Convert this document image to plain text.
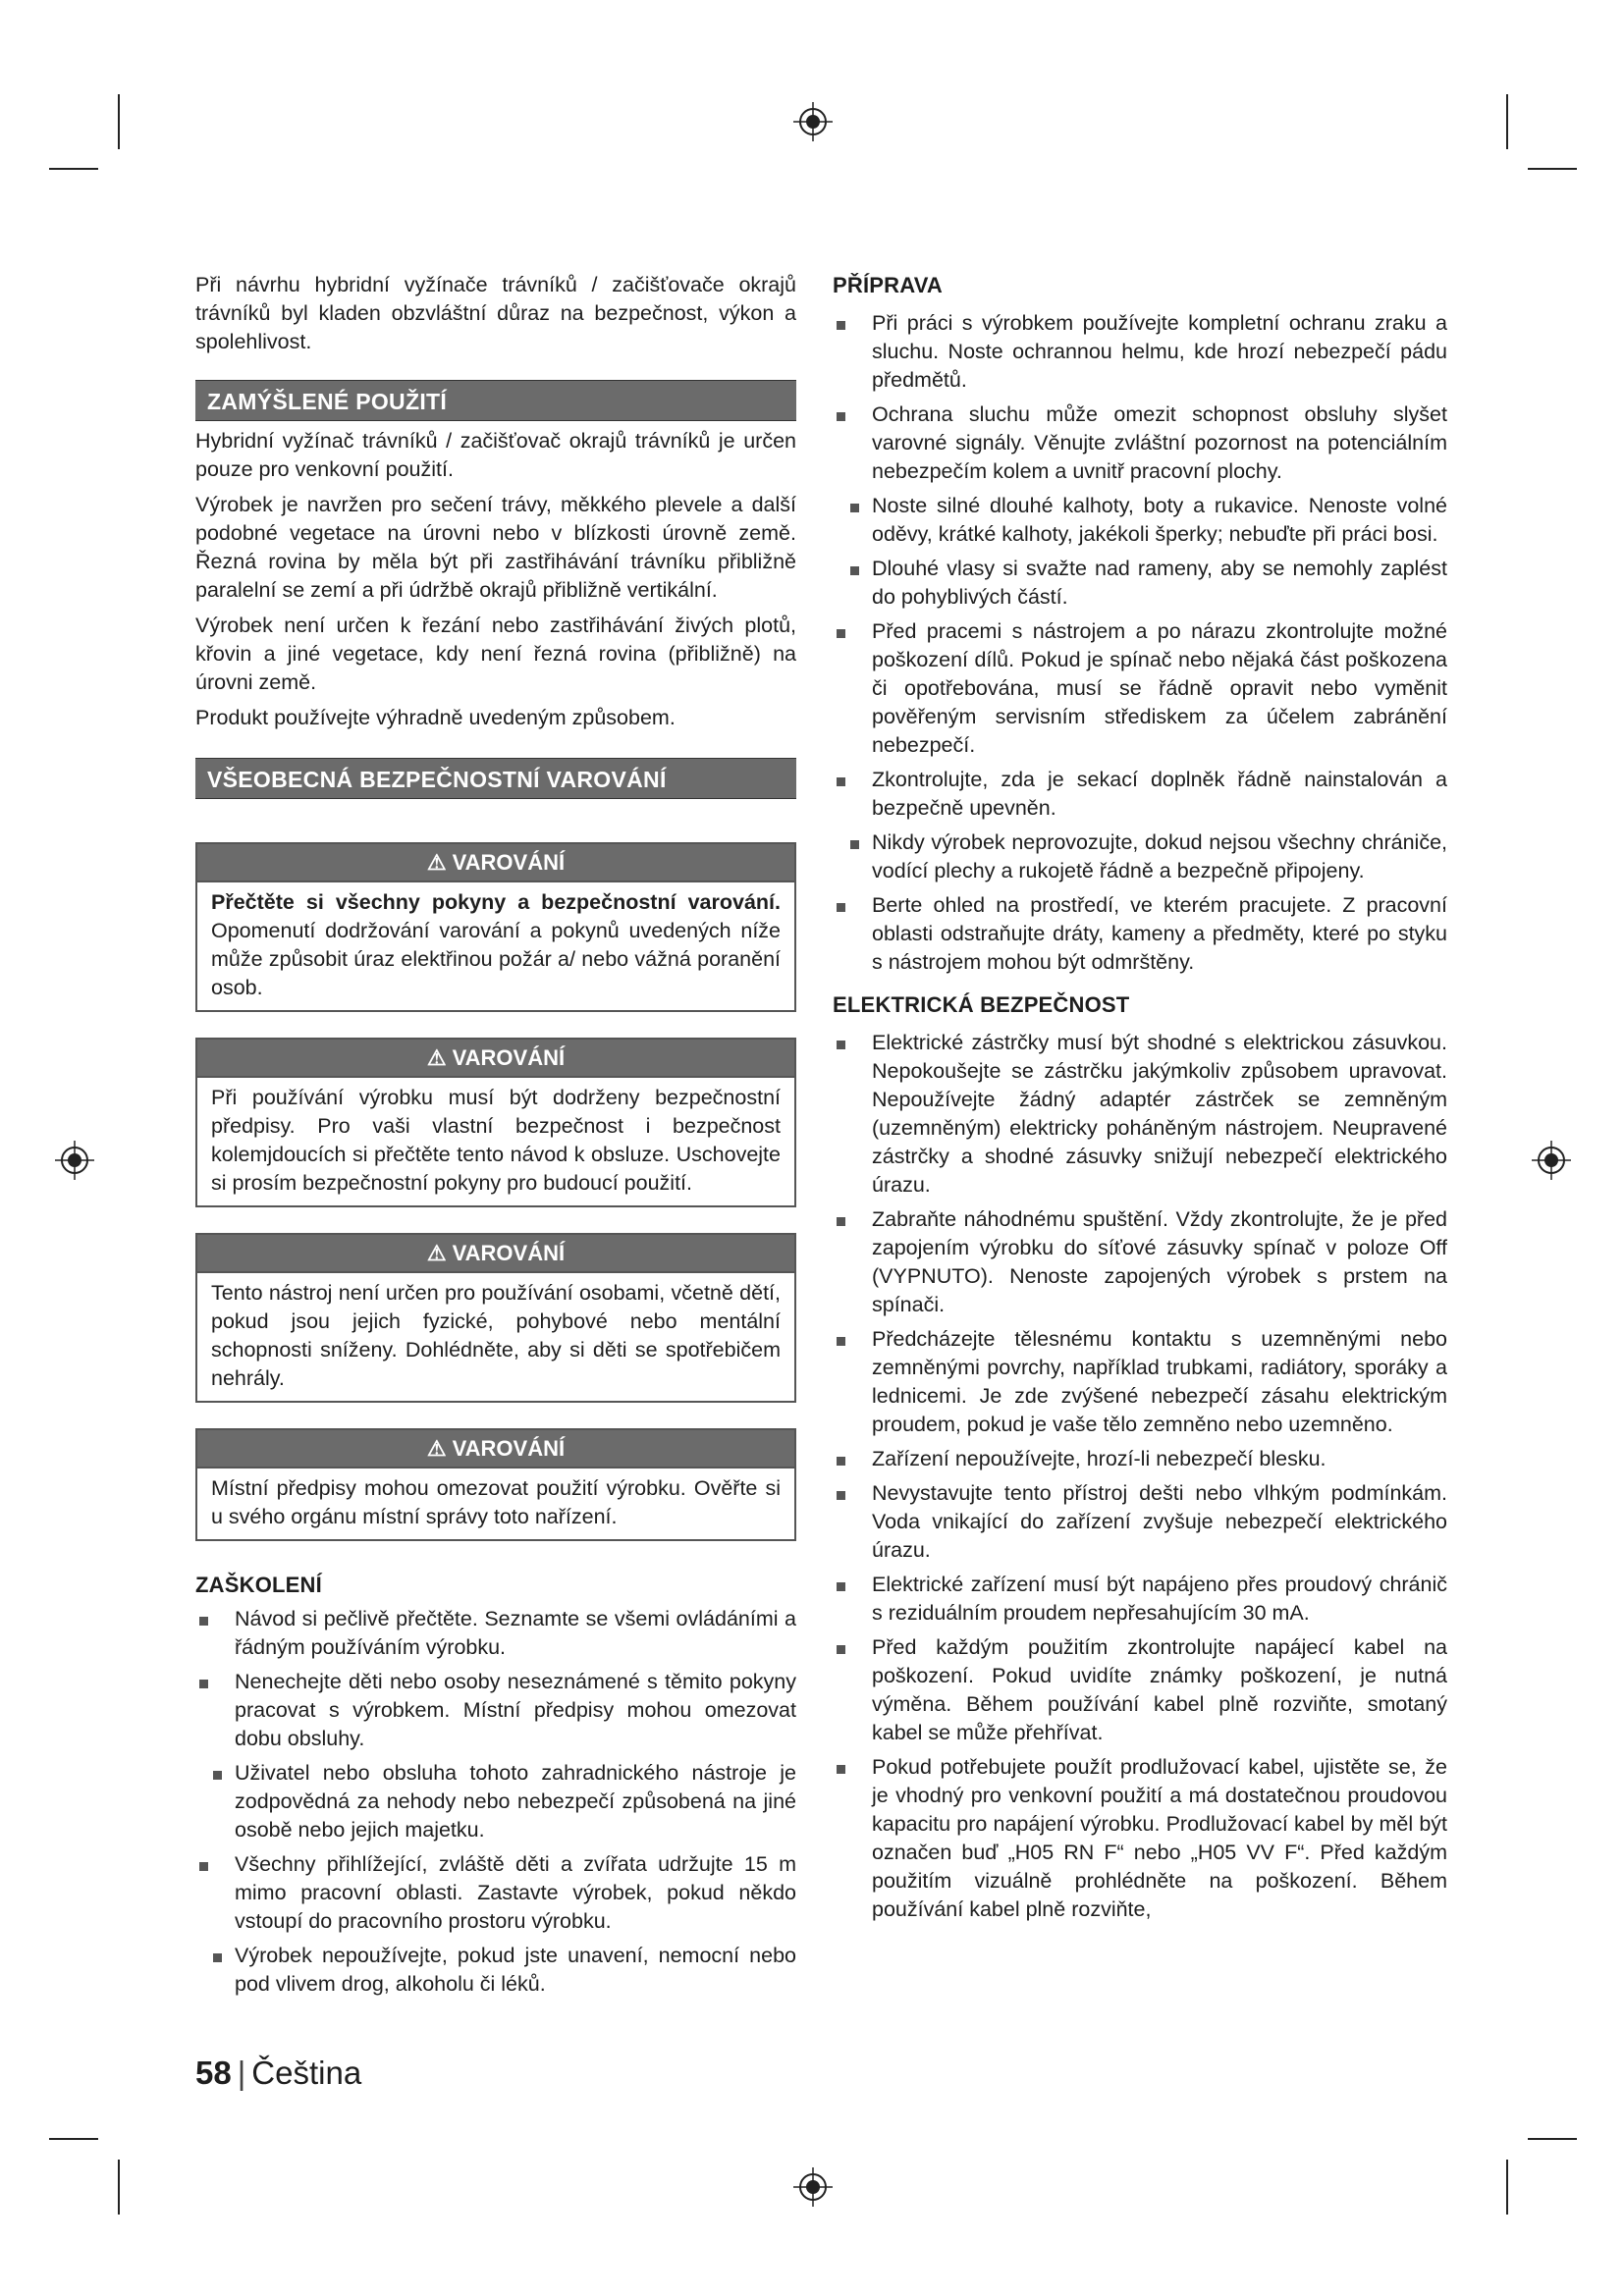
Při návrhu hybridní vyžínače trávníků / začišťovače okrajů trávníků byl kladen obzvláštní důraz na bezpečnost, výkon a spolehlivost.

ZAMÝŠLENÉ POUŽITÍ

Hybridní vyžínač trávníků / začišťovač okrajů trávníků je určen pouze pro venkovní použití.

Výrobek je navržen pro sečení trávy, měkkého plevele a další podobné vegetace na úrovni nebo v blízkosti úrovně země. Řezná rovina by měla být při zastřihávání trávníku přibližně paralelní se zemí a při údržbě okrajů přibližně vertikální.

Výrobek není určen k řezání nebo zastřihávání živých plotů, křovin a jiné vegetace, kdy není řezná rovina (přibližně) na úrovni země.

Produkt používejte výhradně uvedeným způsobem.

VŠEOBECNÁ BEZPEČNOSTNÍ VAROVÁNÍ
⚠ VAROVÁNÍ
Přečtěte si všechny pokyny a bezpečnostní varování. Opomenutí dodržování varování a pokynů uvedených níže může způsobit úraz elektřinou požár a/ nebo vážná poranění osob.
⚠ VAROVÁNÍ
Při používání výrobku musí být dodrženy bezpečnostní předpisy. Pro vaši vlastní bezpečnost i bezpečnost kolemjdoucích si přečtěte tento návod k obsluze. Uschovejte si prosím bezpečnostní pokyny pro budoucí použití.
⚠ VAROVÁNÍ
Tento nástroj není určen pro používání osobami, včetně dětí, pokud jsou jejich fyzické, pohybové nebo mentální schopnosti sníženy. Dohlédněte, aby si děti se spotřebičem nehrály.
⚠ VAROVÁNÍ
Místní předpisy mohou omezovat použití výrobku. Ověřte si u svého orgánu místní správy toto nařízení.
ZAŠKOLENÍ
Návod si pečlivě přečtěte. Seznamte se všemi ovládáními a řádným používáním výrobku.
Nenechejte děti nebo osoby neseznámené s těmito pokyny pracovat s výrobkem. Místní předpisy mohou omezovat dobu obsluhy.
Uživatel nebo obsluha tohoto zahradnického nástroje je zodpovědná za nehody nebo nebezpečí způsobená na jiné osobě nebo jejich majetku.
Všechny přihlížející, zvláště děti a zvířata udržujte 15 m mimo pracovní oblasti. Zastavte výrobek, pokud někdo vstoupí do pracovního prostoru výrobku.
Výrobek nepoužívejte, pokud jste unavení, nemocní nebo pod vlivem drog, alkoholu či léků.
PŘÍPRAVA
Při práci s výrobkem používejte kompletní ochranu zraku a sluchu. Noste ochrannou helmu, kde hrozí nebezpečí pádu předmětů.
Ochrana sluchu může omezit schopnost obsluhy slyšet varovné signály. Věnujte zvláštní pozornost na potenciálním nebezpečím kolem a uvnitř pracovní plochy.
Noste silné dlouhé kalhoty, boty a rukavice. Nenoste volné oděvy, krátké kalhoty, jakékoli šperky; nebuďte při práci bosi.
Dlouhé vlasy si svažte nad rameny, aby se nemohly zaplést do pohyblivých částí.
Před pracemi s nástrojem a po nárazu zkontrolujte možné poškození dílů. Pokud je spínač nebo nějaká část poškozena či opotřebována, musí se řádně opravit nebo vyměnit pověřeným servisním střediskem za účelem zabránění nebezpečí.
Zkontrolujte, zda je sekací doplněk řádně nainstalován a bezpečně upevněn.
Nikdy výrobek neprovozujte, dokud nejsou všechny chrániče, vodící plechy a rukojetě řádně a bezpečně připojeny.
Berte ohled na prostředí, ve kterém pracujete. Z pracovní oblasti odstraňujte dráty, kameny a předměty, které po styku s nástrojem mohou být odmrštěny.
ELEKTRICKÁ BEZPEČNOST
Elektrické zástrčky musí být shodné s elektrickou zásuvkou. Nepokoušejte se zástrčku jakýmkoliv způsobem upravovat. Nepoužívejte žádný adaptér zástrček se zemněným (uzemněným) elektricky poháněným nástrojem. Neupravené zástrčky a shodné zásuvky snižují nebezpečí elektrického úrazu.
Zabraňte náhodnému spuštění. Vždy zkontrolujte, že je před zapojením výrobku do síťové zásuvky spínač v poloze Off (VYPNUTO). Nenoste zapojených výrobek s prstem na spínači.
Předcházejte tělesnému kontaktu s uzemněnými nebo zemněnými povrchy, například trubkami, radiátory, sporáky a lednicemi. Je zde zvýšené nebezpečí zásahu elektrickým proudem, pokud je vaše tělo zemněno nebo uzemněno.
Zařízení nepoužívejte, hrozí-li nebezpečí blesku.
Nevystavujte tento přístroj dešti nebo vlhkým podmínkám. Voda vnikající do zařízení zvyšuje nebezpečí elektrického úrazu.
Elektrické zařízení musí být napájeno přes proudový chránič s reziduálním proudem nepřesahujícím 30 mA.
Před každým použitím zkontrolujte napájecí kabel na poškození. Pokud uvidíte známky poškození, je nutná výměna. Během používání kabel plně rozviňte, smotaný kabel se může přehřívat.
Pokud potřebujete použít prodlužovací kabel, ujistěte se, že je vhodný pro venkovní použití a má dostatečnou proudovou kapacitu pro napájení výrobku. Prodlužovací kabel by měl být označen buď „H05 RN F“ nebo „H05 VV F“. Před každým použitím vizuálně prohlédněte na poškození. Během používání kabel plně rozviňte,
58 | Čeština
